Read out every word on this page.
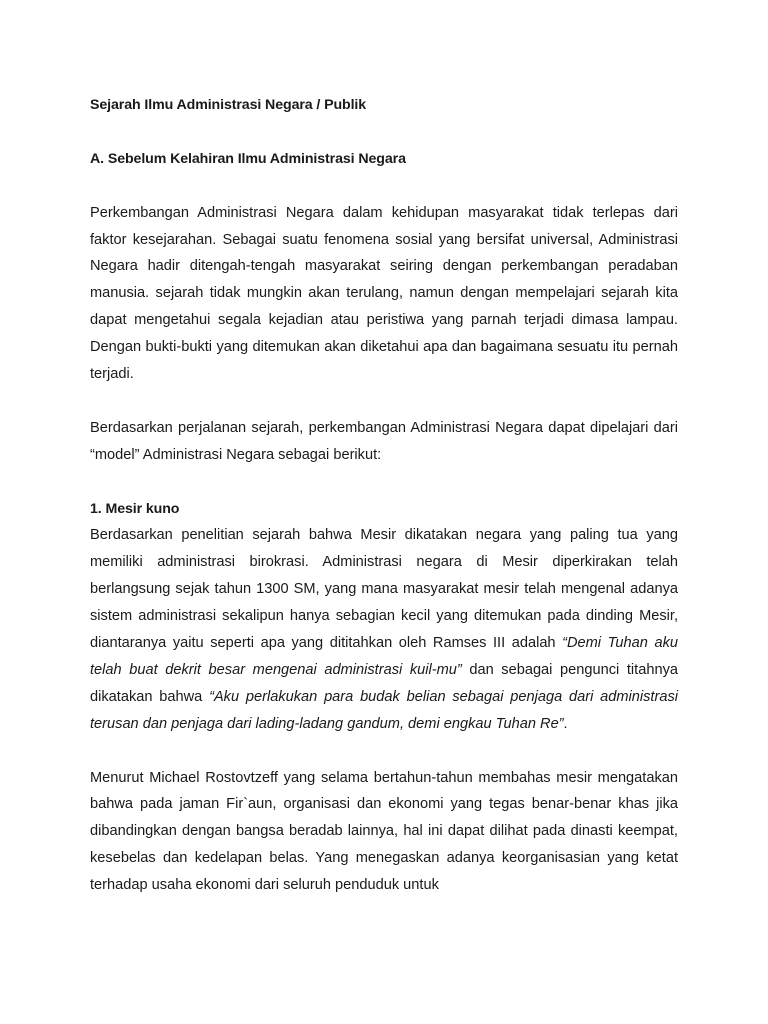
Sejarah Ilmu Administrasi Negara / Publik

A. Sebelum Kelahiran Ilmu Administrasi Negara

Perkembangan Administrasi Negara dalam kehidupan masyarakat tidak terlepas dari faktor kesejarahan. Sebagai suatu fenomena sosial yang bersifat universal, Administrasi Negara hadir ditengah-tengah masyarakat seiring dengan perkembangan peradaban manusia. sejarah tidak mungkin akan terulang, namun dengan mempelajari sejarah kita dapat mengetahui segala kejadian atau peristiwa yang parnah terjadi dimasa lampau. Dengan bukti-bukti yang ditemukan akan diketahui apa dan bagaimana sesuatu itu pernah terjadi.

Berdasarkan perjalanan sejarah, perkembangan Administrasi Negara dapat dipelajari dari “model” Administrasi Negara sebagai berikut:

1. Mesir kuno

Berdasarkan penelitian sejarah bahwa Mesir dikatakan negara yang paling tua yang memiliki administrasi birokrasi. Administrasi negara di Mesir diperkirakan telah berlangsung sejak tahun 1300 SM, yang mana masyarakat mesir telah mengenal adanya sistem administrasi sekalipun hanya sebagian kecil yang ditemukan pada dinding Mesir, diantaranya yaitu seperti apa yang dititahkan oleh Ramses III adalah “Demi Tuhan aku telah buat dekrit besar mengenai administrasi kuil-mu” dan sebagai pengunci titahnya dikatakan bahwa “Aku perlakukan para budak belian sebagai penjaga dari administrasi terusan dan penjaga dari lading-ladang gandum, demi engkau Tuhan Re”.

Menurut Michael Rostovtzeff yang selama bertahun-tahun membahas mesir mengatakan bahwa pada jaman Fir`aun, organisasi dan ekonomi yang tegas benar-benar khas jika dibandingkan dengan bangsa beradab lainnya, hal ini dapat dilihat pada dinasti keempat, kesebelas dan kedelapan belas. Yang menegaskan adanya keorganisasian yang ketat terhadap usaha ekonomi dari seluruh penduduk untuk
